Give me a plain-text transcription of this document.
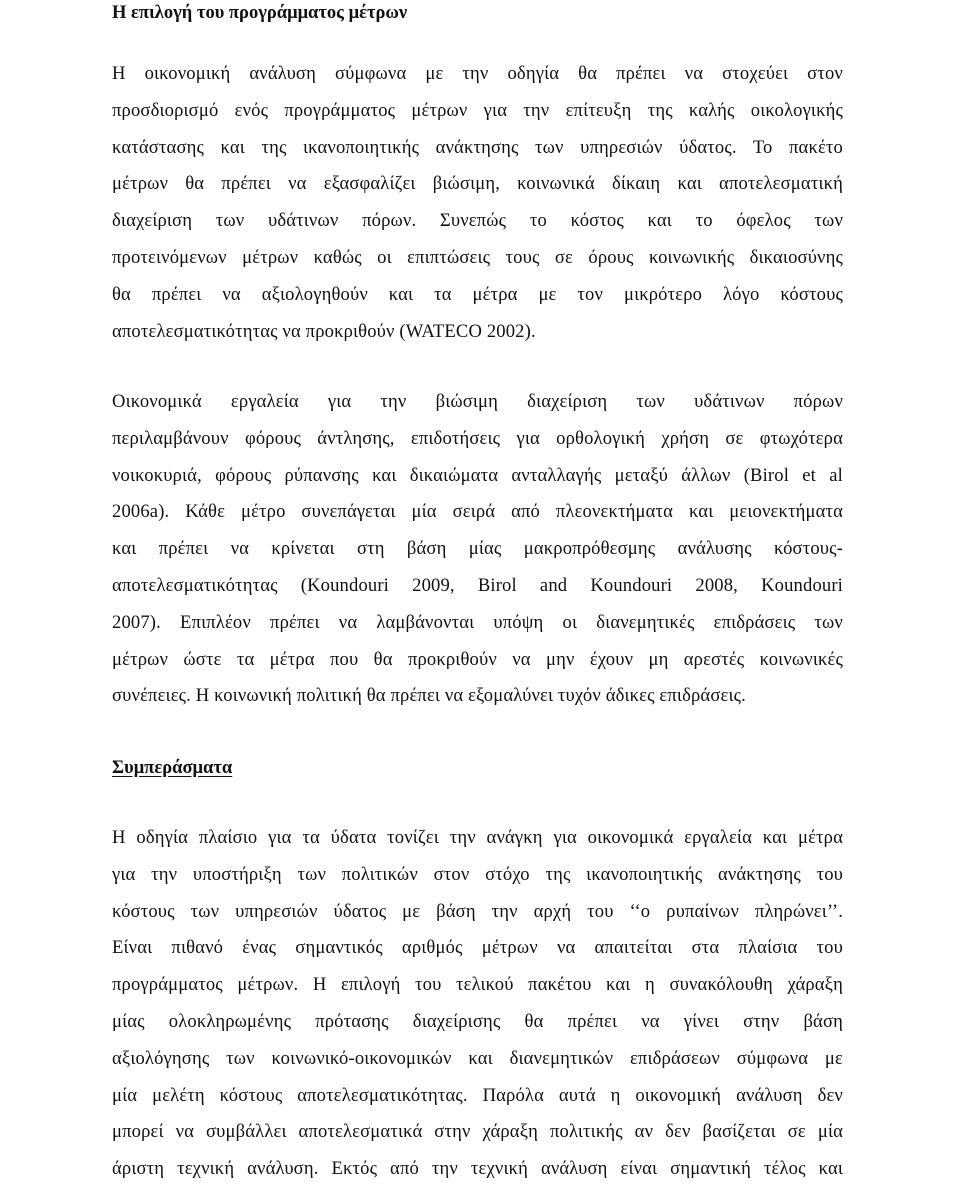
Η επιλογή του προγράμματος μέτρων
Η οικονομική ανάλυση σύμφωνα με την οδηγία θα πρέπει να στοχεύει στον
προσδιορισμό ενός προγράμματος μέτρων για την επίτευξη της καλής οικολογικής
κατάστασης και της ικανοποιητικής ανάκτησης των υπηρεσιών ύδατος. Το πακέτο
μέτρων θα πρέπει να εξασφαλίζει βιώσιμη, κοινωνικά δίκαιη και αποτελεσματική
διαχείριση των υδάτινων πόρων. Συνεπώς το κόστος και το όφελος των
προτεινόμενων μέτρων καθώς οι επιπτώσεις τους σε όρους κοινωνικής δικαιοσύνης
θα πρέπει να αξιολογηθούν και τα μέτρα με τον μικρότερο λόγο κόστους
αποτελεσματικότητας να προκριθούν (WATECO 2002).
Οικονομικά εργαλεία για την βιώσιμη διαχείριση των υδάτινων πόρων
περιλαμβάνουν φόρους άντλησης, επιδοτήσεις για ορθολογική χρήση σε φτωχότερα
νοικοκυριά, φόρους ρύπανσης και δικαιώματα ανταλλαγής μεταξύ άλλων (Birol et al
2006a). Κάθε μέτρο συνεπάγεται μία σειρά από πλεονεκτήματα και μειονεκτήματα
και πρέπει να κρίνεται στη βάση μίας μακροπρόθεσμης ανάλυσης κόστους-
αποτελεσματικότητας (Koundouri 2009, Birol and Koundouri 2008, Koundouri
2007). Επιπλέον πρέπει να λαμβάνονται υπόψη οι διανεμητικές επιδράσεις των
μέτρων ώστε τα μέτρα που θα προκριθούν να μην έχουν μη αρεστές κοινωνικές
συνέπειες. Η κοινωνική πολιτική θα πρέπει να εξομαλύνει τυχόν άδικες επιδράσεις.
Συμπεράσματα
Η οδηγία πλαίσιο για τα ύδατα τονίζει την ανάγκη για οικονομικά εργαλεία και μέτρα
για την υποστήριξη των πολιτικών στον στόχο της ικανοποιητικής ανάκτησης του
κόστους των υπηρεσιών ύδατος με βάση την αρχή του ‘‘ο ρυπαίνων πληρώνει’’.
Είναι πιθανό ένας σημαντικός αριθμός μέτρων να απαιτείται στα πλαίσια του
προγράμματος μέτρων. Η επιλογή του τελικού πακέτου και η συνακόλουθη χάραξη
μίας ολοκληρωμένης πρότασης διαχείρισης θα πρέπει να γίνει στην βάση
αξιολόγησης των κοινωνικό-οικονομικών και διανεμητικών επιδράσεων σύμφωνα με
μία μελέτη κόστους αποτελεσματικότητας. Παρόλα αυτά η οικονομική ανάλυση δεν
μπορεί να συμβάλλει αποτελεσματικά στην χάραξη πολιτικής αν δεν βασίζεται σε μία
άριστη τεχνική ανάλυση. Εκτός από την τεχνική ανάλυση είναι σημαντική τέλος και
